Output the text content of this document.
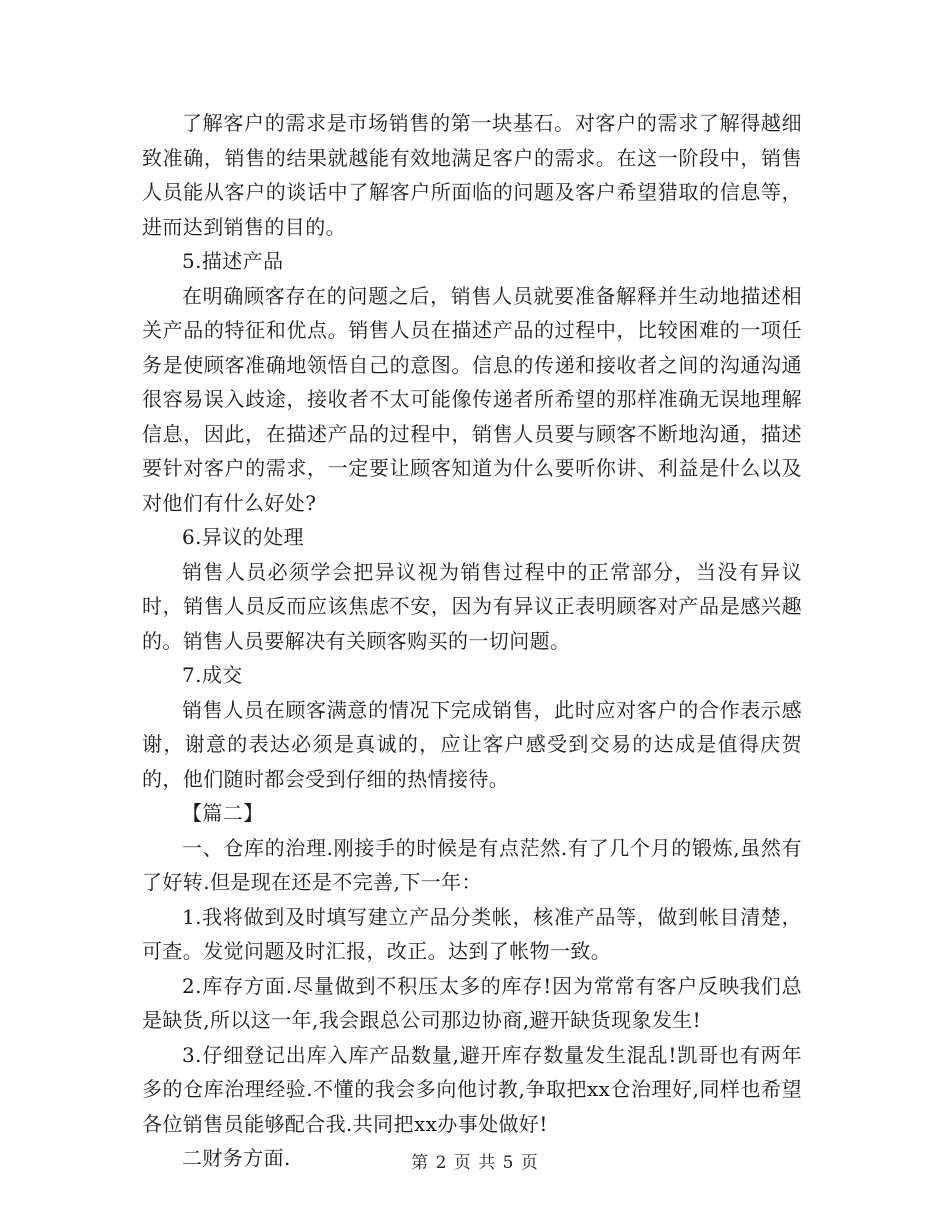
了解客户的需求是市场销售的第一块基石。对客户的需求了解得越细致准确，销售的结果就越能有效地满足客户的需求。在这一阶段中，销售人员能从客户的谈话中了解客户所面临的问题及客户希望猎取的信息等，进而达到销售的目的。

5.描述产品

在明确顾客存在的问题之后，销售人员就要准备解释并生动地描述相关产品的特征和优点。销售人员在描述产品的过程中，比较困难的一项任务是使顾客准确地领悟自己的意图。信息的传递和接收者之间的沟通沟通很容易误入歧途，接收者不太可能像传递者所希望的那样准确无误地理解信息，因此，在描述产品的过程中，销售人员要与顾客不断地沟通，描述要针对客户的需求，一定要让顾客知道为什么要听你讲、利益是什么以及对他们有什么好处?

6.异议的处理

销售人员必须学会把异议视为销售过程中的正常部分，当没有异议时，销售人员反而应该焦虑不安，因为有异议正表明顾客对产品是感兴趣的。销售人员要解决有关顾客购买的一切问题。

7.成交

销售人员在顾客满意的情况下完成销售，此时应对客户的合作表示感谢，谢意的表达必须是真诚的，应让客户感受到交易的达成是值得庆贺的，他们随时都会受到仔细的热情接待。

【篇二】

一、仓库的治理.刚接手的时候是有点茫然.有了几个月的锻炼,虽然有了好转.但是现在还是不完善,下一年：

1.我将做到及时填写建立产品分类帐，核准产品等，做到帐目清楚，可查。发觉问题及时汇报，改正。达到了帐物一致。

2.库存方面.尽量做到不积压太多的库存!因为常常有客户反映我们总是缺货,所以这一年,我会跟总公司那边协商,避开缺货现象发生!

3.仔细登记出库入库产品数量,避开库存数量发生混乱!凯哥也有两年多的仓库治理经验.不懂的我会多向他讨教,争取把xx仓治理好,同样也希望各位销售员能够配合我.共同把xx办事处做好!

二财务方面.	第 2 页 共 5 页
